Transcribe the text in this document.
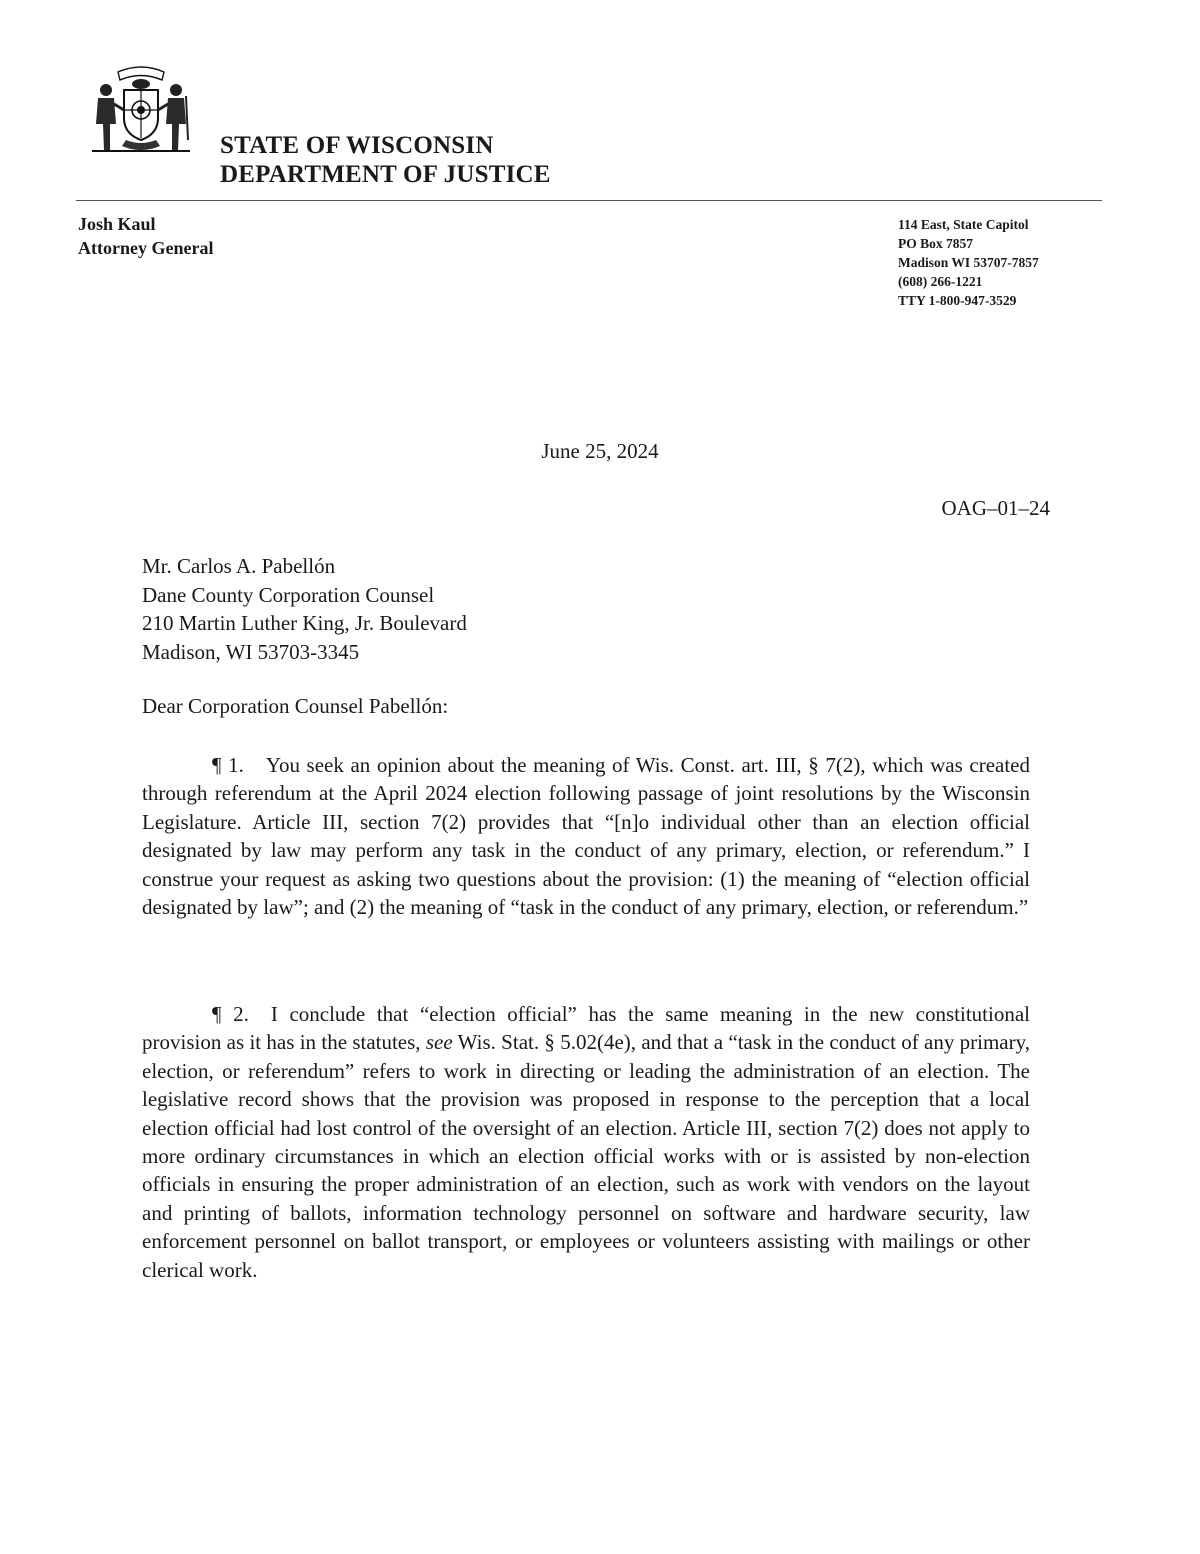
STATE OF WISCONSIN
DEPARTMENT OF JUSTICE
Josh Kaul
Attorney General
114 East, State Capitol
PO Box 7857
Madison WI 53707-7857
(608) 266-1221
TTY 1-800-947-3529
June 25, 2024
OAG–01–24
Mr. Carlos A. Pabellón
Dane County Corporation Counsel
210 Martin Luther King, Jr. Boulevard
Madison, WI 53703-3345
Dear Corporation Counsel Pabellón:

¶ 1. You seek an opinion about the meaning of Wis. Const. art. III, § 7(2), which was created through referendum at the April 2024 election following passage of joint resolutions by the Wisconsin Legislature. Article III, section 7(2) provides that “[n]o individual other than an election official designated by law may perform any task in the conduct of any primary, election, or referendum.” I construe your request as asking two questions about the provision: (1) the meaning of “election official designated by law”; and (2) the meaning of “task in the conduct of any primary, election, or referendum.”

¶ 2. I conclude that “election official” has the same meaning in the new constitutional provision as it has in the statutes, see Wis. Stat. § 5.02(4e), and that a “task in the conduct of any primary, election, or referendum” refers to work in directing or leading the administration of an election. The legislative record shows that the provision was proposed in response to the perception that a local election official had lost control of the oversight of an election. Article III, section 7(2) does not apply to more ordinary circumstances in which an election official works with or is assisted by non-election officials in ensuring the proper administration of an election, such as work with vendors on the layout and printing of ballots, information technology personnel on software and hardware security, law enforcement personnel on ballot transport, or employees or volunteers assisting with mailings or other clerical work.
